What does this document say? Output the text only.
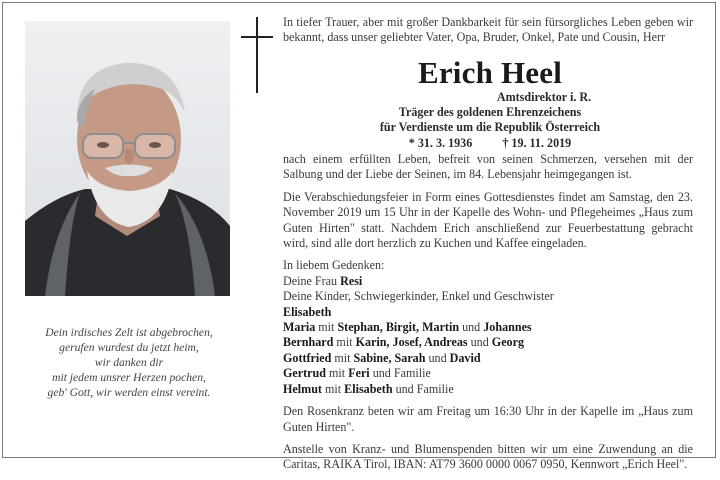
Dein irdisches Zelt ist abgebrochen,
gerufen wurdest du jetzt heim,
wir danken dir
mit jedem unsrer Herzen pochen,
geb' Gott, wir werden einst vereint.
In tiefer Trauer, aber mit großer Dankbarkeit für sein fürsorgliches Leben geben wir bekannt, dass unser geliebter Vater, Opa, Bruder, Onkel, Pate und Cousin, Herr
Erich Heel
Amtsdirektor i. R.
Träger des goldenen Ehrenzeichens
für Verdienste um die Republik Österreich
* 31. 3. 1936 † 19. 11. 2019

nach einem erfüllten Leben, befreit von seinen Schmerzen, versehen mit der Salbung und der Liebe der Seinen, im 84. Lebensjahr heimgegangen ist.

Die Verabschiedungsfeier in Form eines Gottesdienstes findet am Samstag, den 23. November 2019 um 15 Uhr in der Kapelle des Wohn- und Pflegeheimes „Haus zum Guten Hirten" statt. Nachdem Erich anschließend zur Feuerbestattung gebracht wird, sind alle dort herzlich zu Kuchen und Kaffee eingeladen.

In liebem Gedenken:
Deine Frau Resi
Deine Kinder, Schwiegerkinder, Enkel und Geschwister
Elisabeth
Maria mit Stephan, Birgit, Martin und Johannes
Bernhard mit Karin, Josef, Andreas und Georg
Gottfried mit Sabine, Sarah und David
Gertrud mit Feri und Familie
Helmut mit Elisabeth und Familie

Den Rosenkranz beten wir am Freitag um 16:30 Uhr in der Kapelle im „Haus zum Guten Hirten".

Anstelle von Kranz- und Blumenspenden bitten wir um eine Zuwendung an die Caritas, RAIKA Tirol, IBAN: AT79 3600 0000 0067 0950, Kennwort „Erich Heel".
